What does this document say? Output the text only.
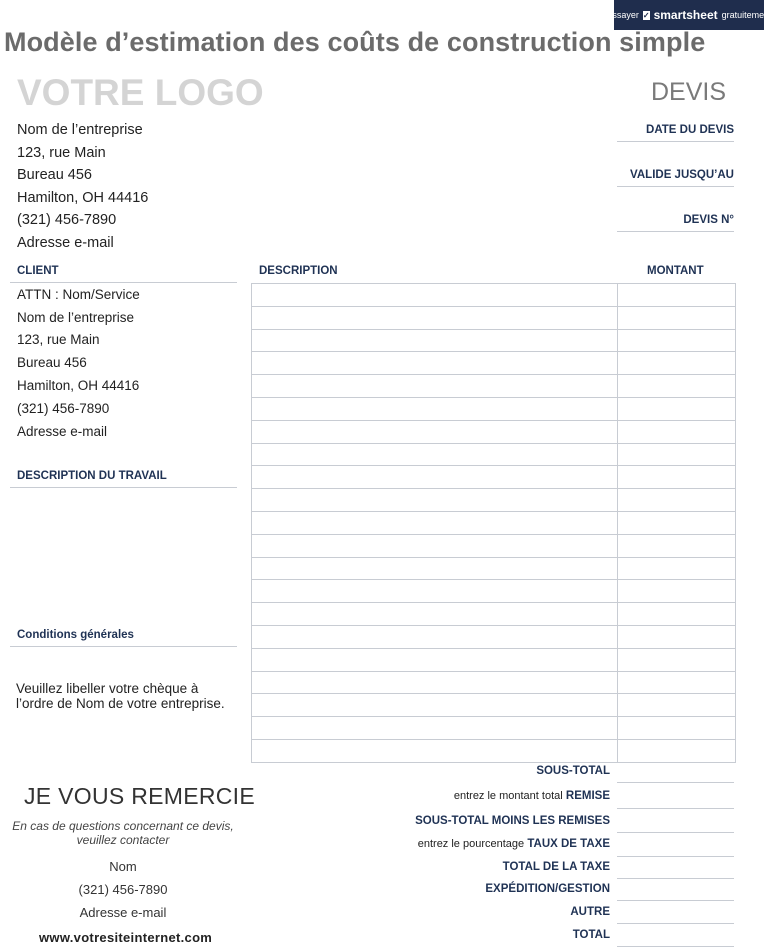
Essayer ✓ smartsheet gratuitement
Modèle d’estimation des coûts de construction simple
VOTRE LOGO	DEVIS
Nom de l’entreprise
123, rue Main
Bureau 456
Hamilton, OH 44416
(321) 456-7890
Adresse e-mail
DATE DU DEVIS
VALIDE JUSQU’AU
DEVIS N°
CLIENT	DESCRIPTION	MONTANT
ATTN : Nom/Service
Nom de l’entreprise
123, rue Main
Bureau 456
Hamilton, OH 44416
(321) 456-7890
Adresse e-mail
DESCRIPTION DU TRAVAIL
Conditions générales
Veuillez libeller votre chèque à l’ordre de Nom de votre entreprise.
JE VOUS REMERCIE
En cas de questions concernant ce devis, veuillez contacter
Nom
(321) 456-7890
Adresse e-mail
www.votresiteinternet.com
SOUS-TOTAL
entrez le montant total REMISE
SOUS-TOTAL MOINS LES REMISES
entrez le pourcentage TAUX DE TAXE
TOTAL DE LA TAXE
EXPÉDITION/GESTION
AUTRE
TOTAL
